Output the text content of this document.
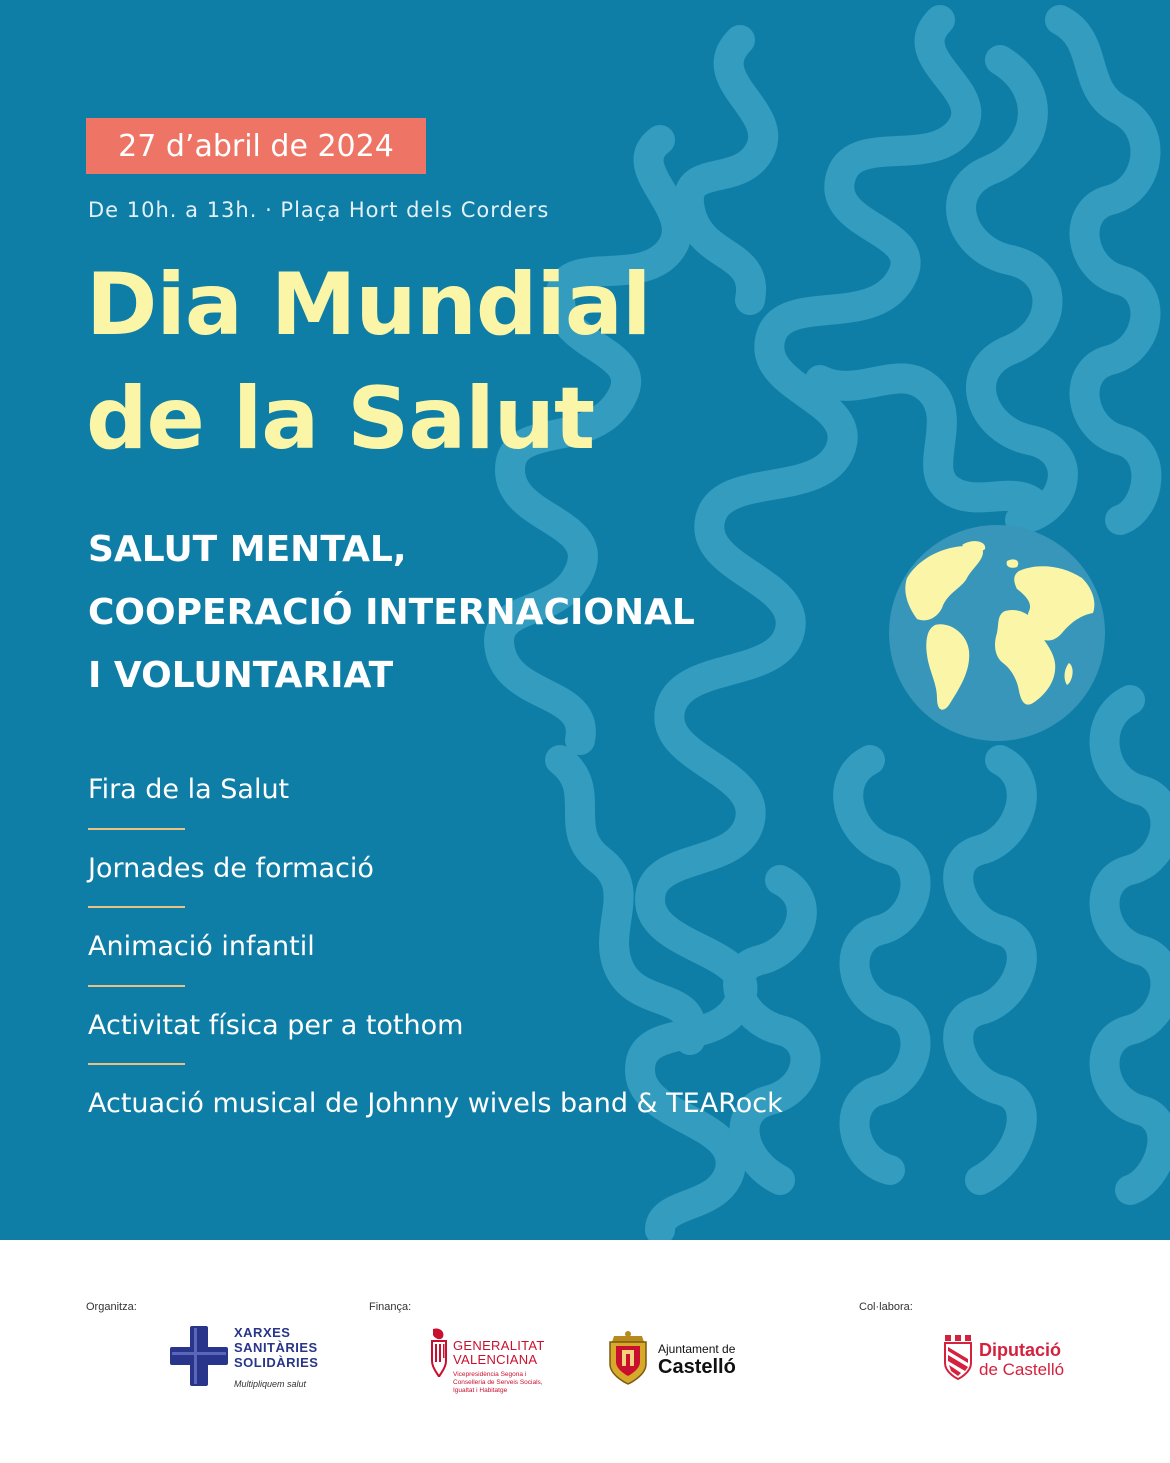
27 d’abril de 2024
De 10h. a 13h. · Plaça Hort dels Corders
Dia Mundial
de la Salut
SALUT MENTAL,
COOPERACIÓ INTERNACIONAL
I VOLUNTARIAT
Fira de la Salut
Jornades de formació
Animació infantil
Activitat física per a tothom
Actuació musical de Johnny wivels band & TEARock
Organitza:	Finança:	Col·labora:
XARXES
SANITÀRIES
SOLIDÀRIES
Multipliquem salut
GENERALITAT
VALENCIANA
Vicepresidència Segona i
Conselleria de Serveis Socials,
Igualtat i Habitatge
Ajuntament de
Castelló
Diputació
de Castelló
